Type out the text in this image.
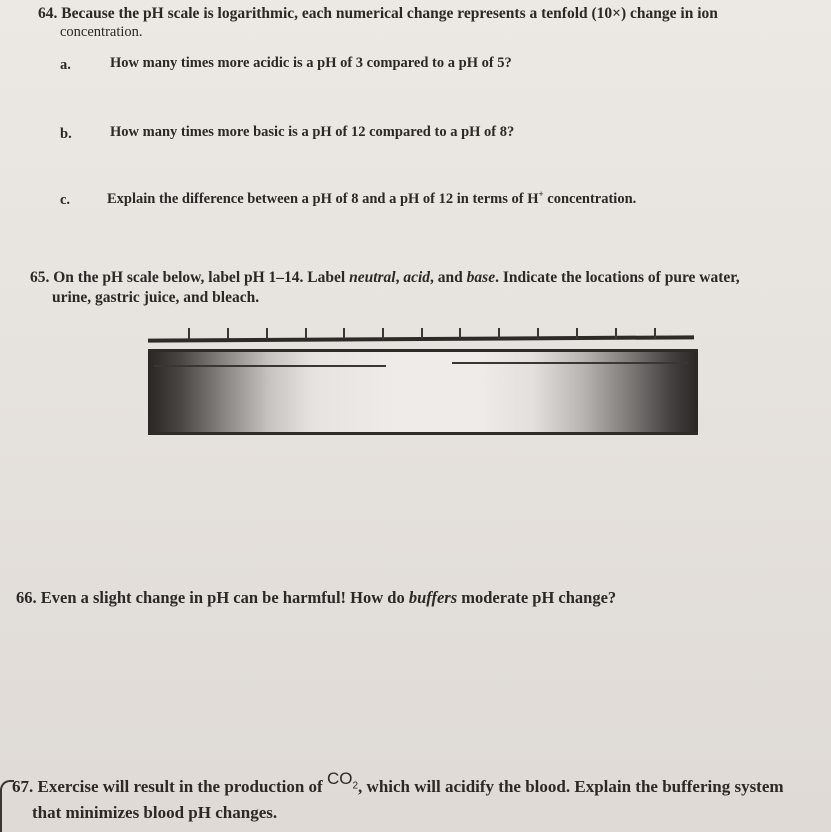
64. Because the pH scale is logarithmic, each numerical change represents a tenfold (10×) change in ion
concentration.
a.	How many times more acidic is a pH of 3 compared to a pH of 5?
b.	How many times more basic is a pH of 12 compared to a pH of 8?
c.	Explain the difference between a pH of 8 and a pH of 12 in terms of H+ concentration.
65. On the pH scale below, label pH 1–14. Label neutral, acid, and base. Indicate the locations of pure water,
urine, gastric juice, and bleach.
66. Even a slight change in pH can be harmful! How do buffers moderate pH change?
67. Exercise will result in the production of $CO_2$, which will acidify the blood. Explain the buffering system
that minimizes blood pH changes.
